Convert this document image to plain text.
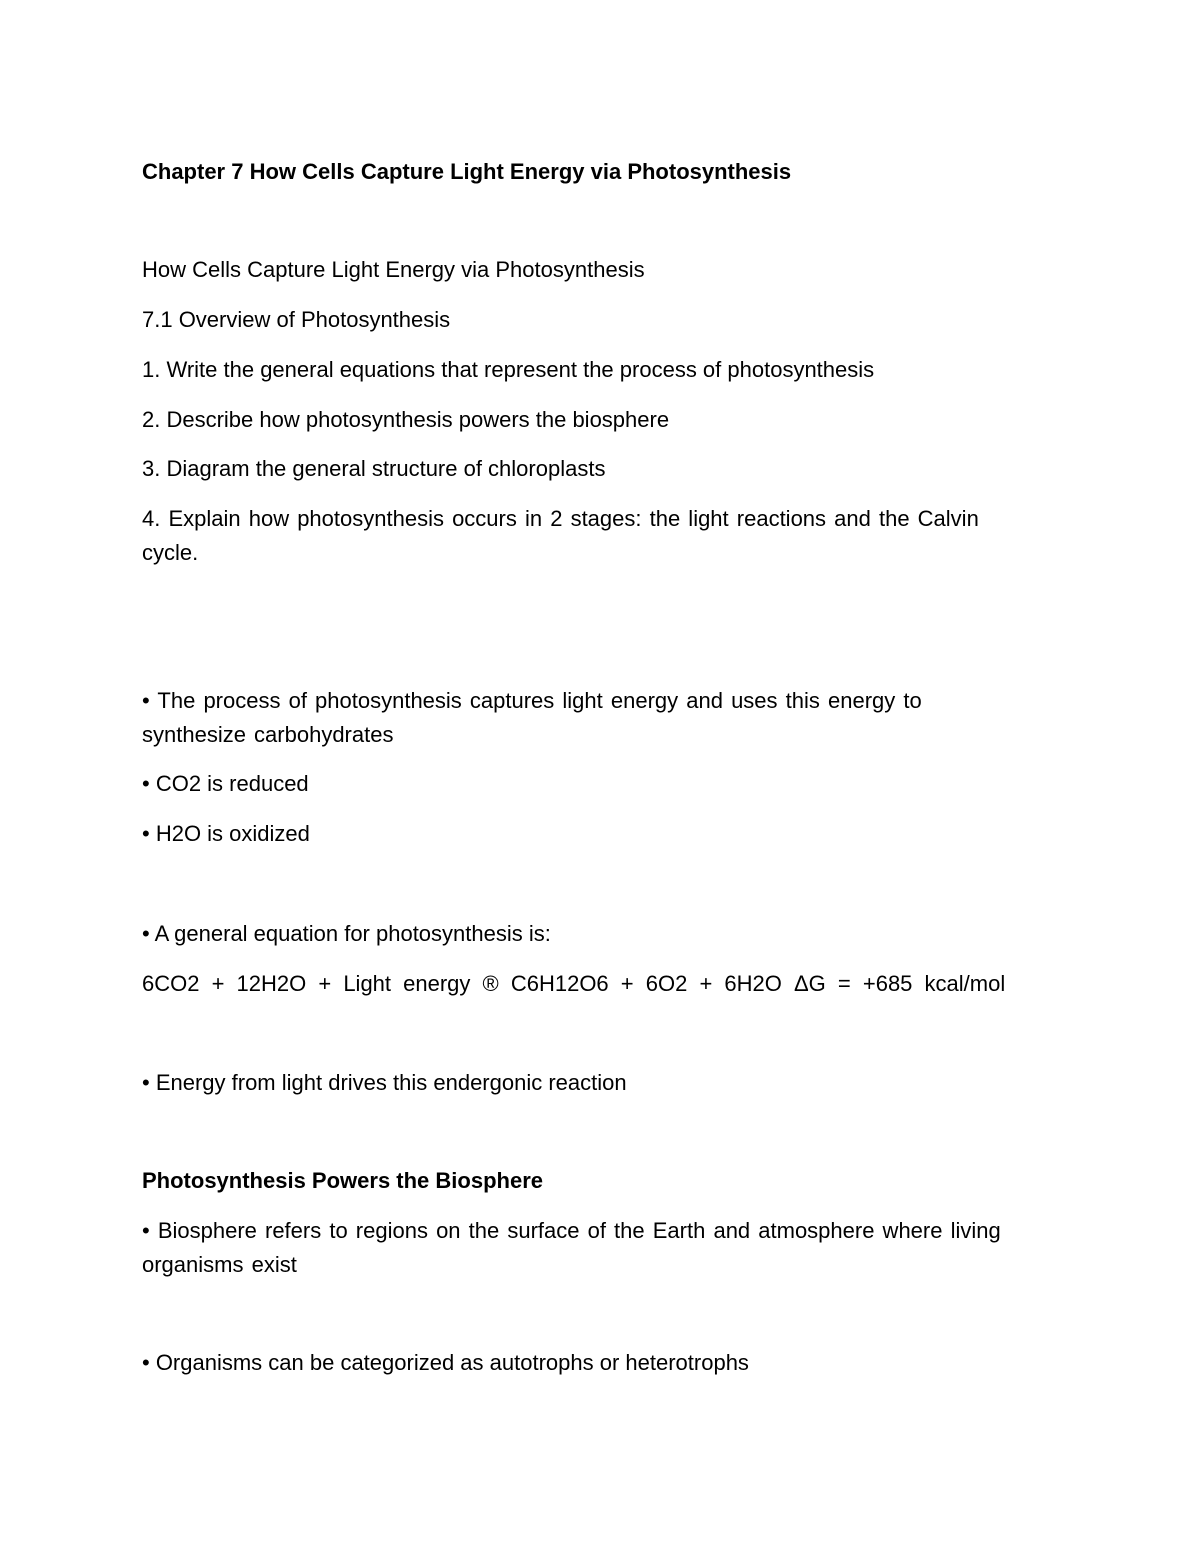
Chapter 7 How Cells Capture Light Energy via Photosynthesis
How Cells Capture Light Energy via Photosynthesis
7.1 Overview of Photosynthesis
1. Write the general equations that represent the process of photosynthesis
2. Describe how photosynthesis powers the biosphere
3. Diagram the general structure of chloroplasts
4. Explain how photosynthesis occurs in 2 stages: the light reactions and the Calvin cycle.
• The process of photosynthesis captures light energy and uses this energy to synthesize carbohydrates
• CO2 is reduced
• H2O is oxidized
• A general equation for photosynthesis is:
6CO2 + 12H2O + Light energy ® C6H12O6 + 6O2 + 6H2O ΔG = +685 kcal/mol
• Energy from light drives this endergonic reaction
Photosynthesis Powers the Biosphere
• Biosphere refers to regions on the surface of the Earth and atmosphere where living organisms exist
• Organisms can be categorized as autotrophs or heterotrophs
